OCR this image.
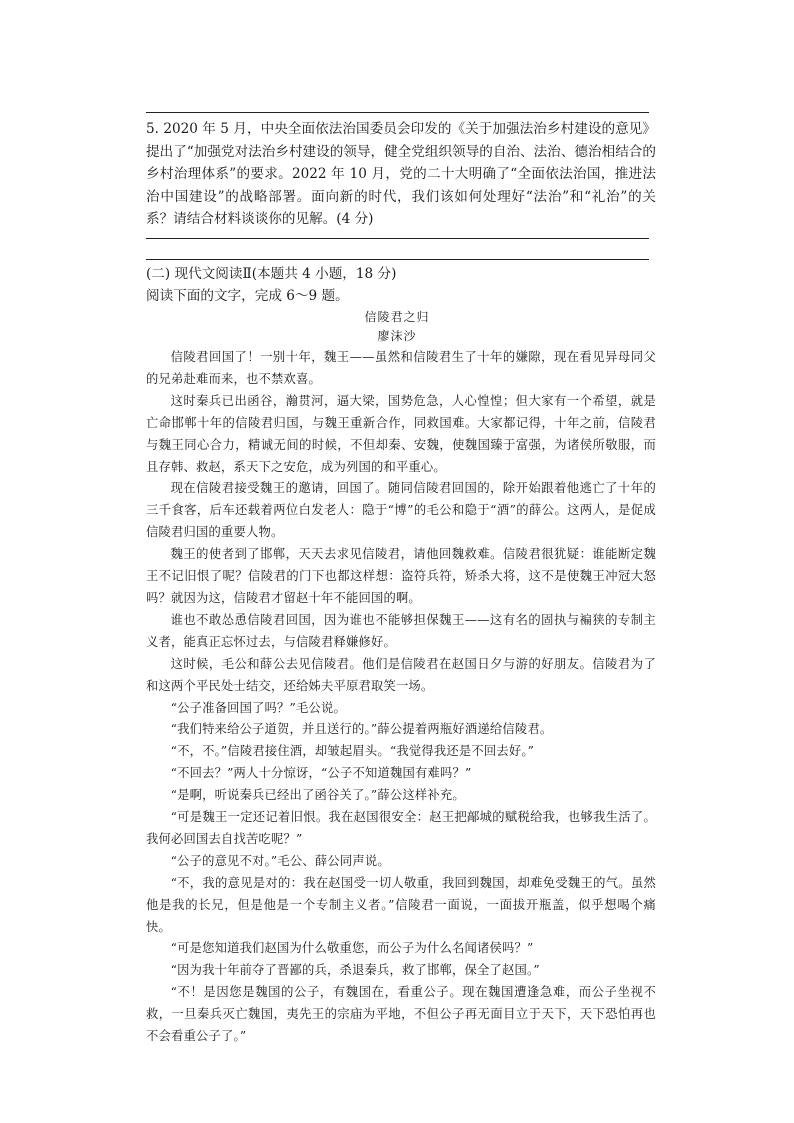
5. 2020 年 5 月，中央全面依法治国委员会印发的《关于加强法治乡村建设的意见》提出了“加强党对法治乡村建设的领导，健全党组织领导的自治、法治、德治相结合的乡村治理体系”的要求。2022 年 10 月，党的二十大明确了“全面依法治国，推进法治中国建设”的战略部署。面向新的时代，我们该如何处理好“法治”和“礼治”的关系？请结合材料谈谈你的见解。(4 分)

(二) 现代文阅读Ⅱ(本题共 4 小题，18 分)

阅读下面的文字，完成 6～9 题。

信陵君之归

廖沫沙

信陵君回国了！一别十年，魏王——虽然和信陵君生了十年的嫌隙，现在看见异母同父的兄弟赴难而来，也不禁欢喜。

这时秦兵已出函谷，瀚贯河，逼大梁，国势危急，人心惶惶；但大家有一个希望，就是亡命邯郸十年的信陵君归国，与魏王重新合作，同救国难。大家都记得，十年之前，信陵君与魏王同心合力，精诚无间的时候，不但却秦、安魏，使魏国臻于富强，为诸侯所敬服，而且存韩、救赵，系天下之安危，成为列国的和平重心。

现在信陵君接受魏王的邀请，回国了。随同信陵君回国的，除开始跟着他逃亡了十年的三千食客，后车还载着两位白发老人：隐于“博”的毛公和隐于“酒”的薛公。这两人，是促成信陵君归国的重要人物。

魏王的使者到了邯郸，天天去求见信陵君，请他回魏救难。信陵君很犹疑：谁能断定魏王不记旧恨了呢？信陵君的门下也都这样想：盗符兵符，矫杀大将，这不是使魏王冲冠大怒吗？就因为这，信陵君才留赵十年不能回国的啊。

谁也不敢怂恿信陵君回国，因为谁也不能够担保魏王——这有名的固执与褊狭的专制主义者，能真正忘怀过去，与信陵君释嫌修好。

这时候，毛公和薛公去见信陵君。他们是信陵君在赵国日夕与游的好朋友。信陵君为了和这两个平民处士结交，还给姊夫平原君取笑一场。

“公子准备回国了吗？”毛公说。

“我们特来给公子道贺，并且送行的。”薛公提着两瓶好酒递给信陵君。

“不，不。”信陵君接住酒，却皱起眉头。“我觉得我还是不回去好。”

“不回去？”两人十分惊讶，“公子不知道魏国有难吗？”

“是啊，听说秦兵已经出了函谷关了。”薛公这样补充。

“可是魏王一定还记着旧恨。我在赵国很安全：赵王把鄗城的赋税给我，也够我生活了。我何必回国去自找苦吃呢？”

“公子的意见不对。”毛公、薛公同声说。

“不，我的意见是对的：我在赵国受一切人敬重，我回到魏国，却难免受魏王的气。虽然他是我的长兄，但是他是一个专制主义者。”信陵君一面说，一面拔开瓶盖，似乎想喝个痛快。

“可是您知道我们赵国为什么敬重您，而公子为什么名闻诸侯吗？”

“因为我十年前夺了晋鄙的兵，杀退秦兵，救了邯郸，保全了赵国。”

“不！是因您是魏国的公子，有魏国在，看重公子。现在魏国遭逢急难，而公子坐视不救，一旦秦兵灭亡魏国，夷先王的宗庙为平地，不但公子再无面目立于天下，天下恐怕再也不会看重公子了。”
